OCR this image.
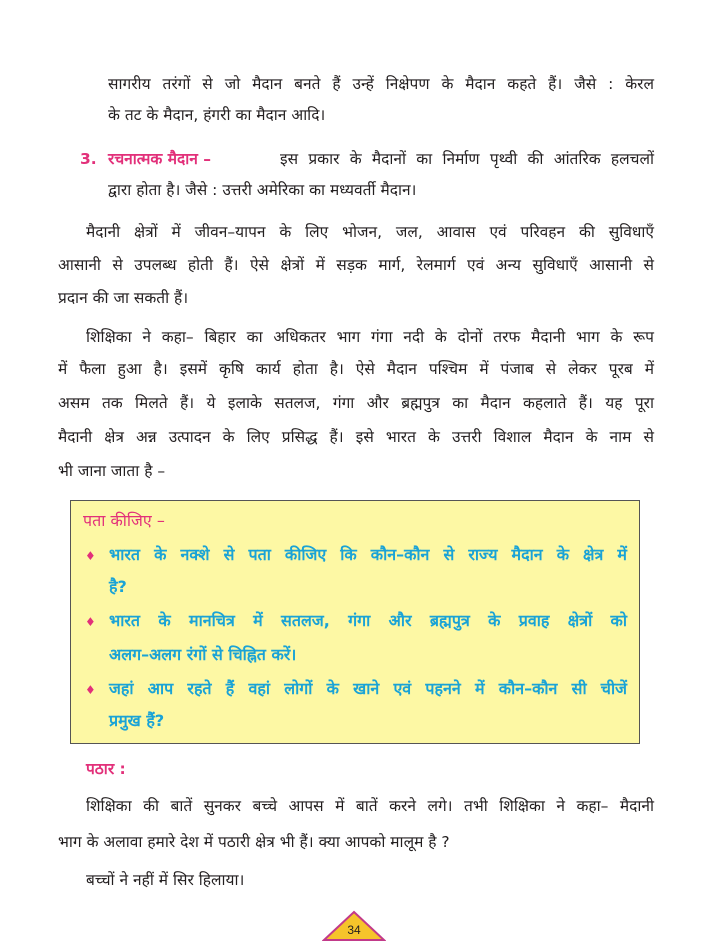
सागरीय तरंगों से जो मैदान बनते हैं उन्हें निक्षेपण के मैदान कहते हैं। जैसे : केरल
के तट के मैदान, हंगरी का मैदान आदि।
3. रचनात्मक मैदान –	इस प्रकार के मैदानों का निर्माण पृथ्वी की आंतरिक हलचलों
द्वारा होता है। जैसे : उत्तरी अमेरिका का मध्यवर्ती मैदान।
मैदानी क्षेत्रों में जीवन–यापन के लिए भोजन, जल, आवास एवं परिवहन की सुविधाएँ
आसानी से उपलब्ध होती हैं। ऐसे क्षेत्रों में सड़क मार्ग, रेलमार्ग एवं अन्य सुविधाएँ आसानी से
प्रदान की जा सकती हैं।
शिक्षिका ने कहा– बिहार का अधिकतर भाग गंगा नदी के दोनों तरफ मैदानी भाग के रूप
में फैला हुआ है। इसमें कृषि कार्य होता है। ऐसे मैदान पश्चिम में पंजाब से लेकर पूरब में
असम तक मिलते हैं। ये इलाके सतलज, गंगा और ब्रह्मपुत्र का मैदान कहलाते हैं। यह पूरा
मैदानी क्षेत्र अन्न उत्पादन के लिए प्रसिद्ध हैं। इसे भारत के उत्तरी विशाल मैदान के नाम से
भी जाना जाता है –
पता कीजिए –
♦ भारत के नक्शे से पता कीजिए कि कौन–कौन से राज्य मैदान के क्षेत्र में
है?
♦ भारत के मानचित्र में सतलज, गंगा और ब्रह्मपुत्र के प्रवाह क्षेत्रों को
अलग–अलग रंगों से चिह्नित करें।
♦ जहां आप रहते हैं वहां लोगों के खाने एवं पहनने में कौन–कौन सी चीजें
प्रमुख हैं?
पठार :
शिक्षिका की बातें सुनकर बच्चे आपस में बातें करने लगे। तभी शिक्षिका ने कहा– मैदानी
भाग के अलावा हमारे देश में पठारी क्षेत्र भी हैं। क्या आपको मालूम है ?
बच्चों ने नहीं में सिर हिलाया।
34
